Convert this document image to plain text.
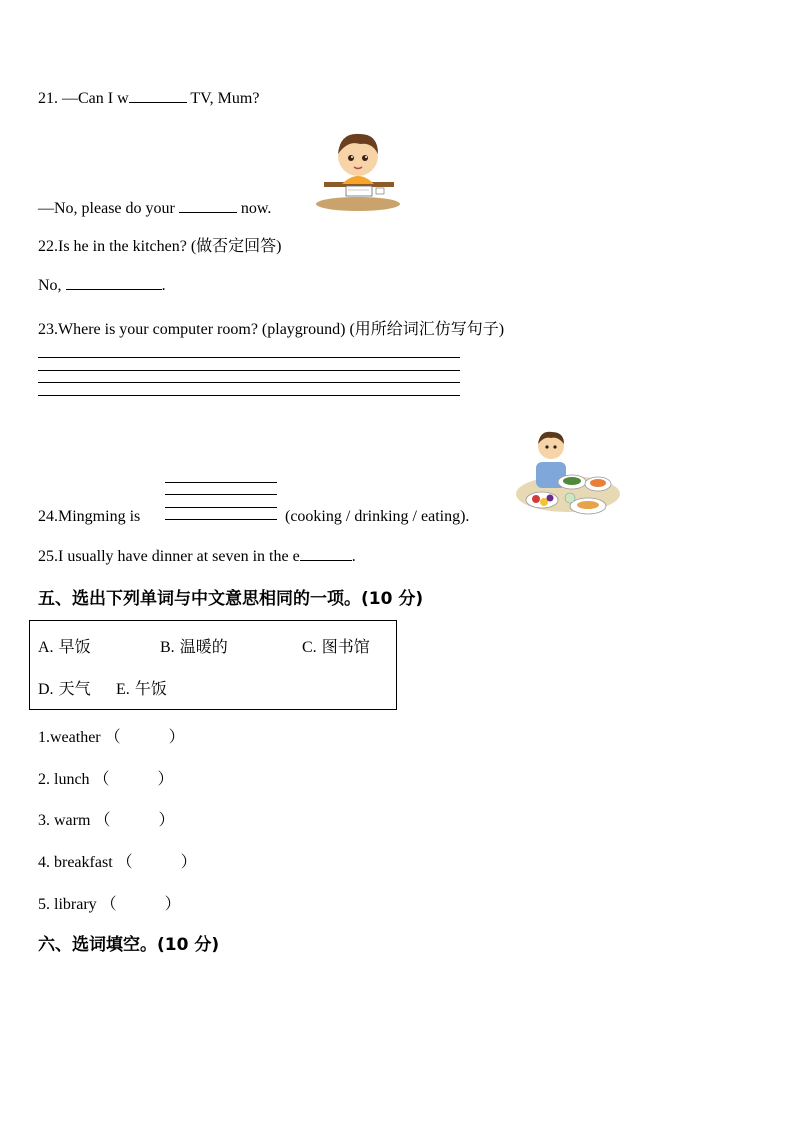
21. —Can I w	TV, Mum?
—No, please do your	now.
22.Is he in the kitchen? (做否定回答)
No,	.
23.Where is your computer room? (playground) (用所给词汇仿写句子)
24.Mingming is	(cooking / drinking / eating).
25.I usually have dinner at seven in the e	.
五、选出下列单词与中文意思相同的一项。(10 分)
A. 早饭	B. 温暖的	C. 图书馆
D. 天气 E. 午饭
1.weather （　　　）
2. lunch （　　　）
3. warm （　　　）
4. breakfast （　　　）
5. library （　　　）
六、选词填空。(10 分)
